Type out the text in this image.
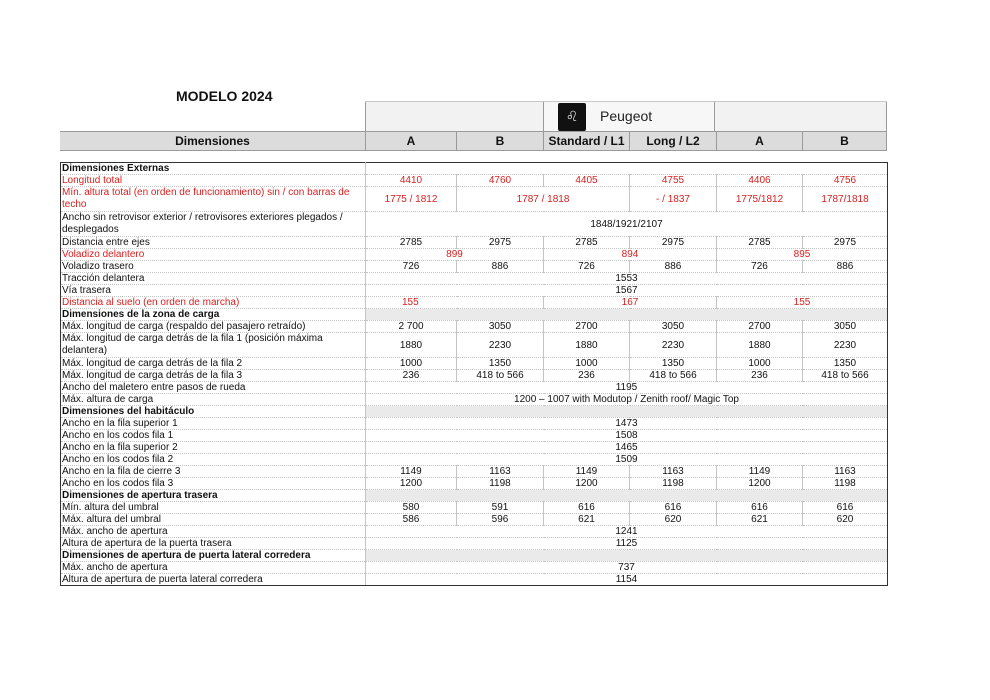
MODELO 2024
♌ Peugeot
Dimensiones	A	B	Standard / L1	Long / L2	A	B
Dimensiones Externas						
Longitud total	4410	4760	4405	4755	4406	4756
Mín. altura total (en orden de funcionamiento) sin / con barras de techo	1775 / 1812	1787 / 1818		- / 1837	1775/1812	1787/1818
Ancho sin retrovisor exterior / retrovisores exteriores plegados / desplegados	1848/1921/2107					
Distancia entre ejes	2785	2975	2785	2975	2785	2975
Voladizo delantero	899		894		895	
Voladizo trasero	726	886	726	886	726	886
Tracción delantera	1553					
Vía trasera	1567					
Distancia al suelo (en orden de marcha)	155		167		155	
Dimensiones de la zona de carga						
Máx. longitud de carga (respaldo del pasajero retraído)	2 700	3050	2700	3050	2700	3050
Máx. longitud de carga detrás de la fila 1 (posición máxima delantera)	1880	2230	1880	2230	1880	2230
Máx. longitud de carga detrás de la fila 2	1000	1350	1000	1350	1000	1350
Máx. longitud de carga detrás de la fila 3	236	418 to 566	236	418 to 566	236	418 to 566
Ancho del maletero entre pasos de rueda	1195					
Máx. altura de carga	1200 – 1007 with Modutop / Zenith roof/ Magic Top					
Dimensiones del habitáculo						
Ancho en la fila superior 1	1473					
Ancho en los codos fila 1	1508					
Ancho en la fila superior 2	1465					
Ancho en los codos fila 2	1509					
Ancho en la fila de cierre 3	1149	1163	1149	1163	1149	1163
Ancho en los codos fila 3	1200	1198	1200	1198	1200	1198
Dimensiones de apertura trasera						
Mín. altura del umbral	580	591	616	616	616	616
Máx. altura del umbral	586	596	621	620	621	620
Máx. ancho de apertura	1241					
Altura de apertura de la puerta trasera	1125					
Dimensiones de apertura de puerta lateral corredera						
Máx. ancho de apertura	737					
Altura de apertura de puerta lateral corredera	1154					
